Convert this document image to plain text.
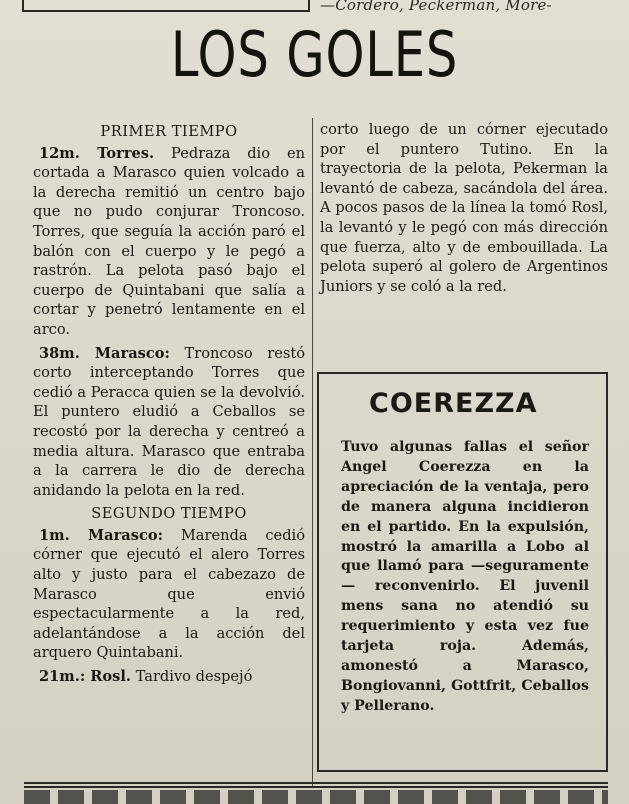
—Cordero, Peckerman, More-
LOS GOLES
PRIMER TIEMPO

12m. Torres. Pedraza dio en cortada a Marasco quien volcado a la derecha remitió un centro bajo que no pudo conjurar Troncoso. Torres, que seguía la acción paró el balón con el cuerpo y le pegó a rastrón. La pelota pasó bajo el cuerpo de Quintabani que salía a cortar y penetró lentamente en el arco.

38m. Marasco: Troncoso restó corto interceptando Torres que cedió a Peracca quien se la devolvió. El puntero eludió a Ceballos se recostó por la derecha y centreó a media altura. Marasco que entraba a la carrera le dio de derecha anidando la pelota en la red.

SEGUNDO TIEMPO

1m. Marasco: Marenda cedió córner que ejecutó el alero Torres alto y justo para el cabezazo de Marasco que envió espectacularmente a la red, adelantándose a la acción del arquero Quintabani.

21m.: Rosl. Tardivo despejó

corto luego de un córner ejecutado por el puntero Tutino. En la trayectoria de la pelota, Pekerman la levantó de cabeza, sacándola del área. A pocos pasos de la línea la tomó Rosl, la levantó y le pegó con más dirección que fuerza, alto y de embouillada. La pelota superó al golero de Argentinos Juniors y se coló a la red.

COEREZZA
Tuvo algunas fallas el señor Angel Coerezza en la apreciación de la ventaja, pero de manera alguna incidieron en el partido. En la expulsión, mostró la amarilla a Lobo al que llamó para —seguramente— reconvenirlo. El juvenil mens sana no atendió su requerimiento y esta vez fue tarjeta roja. Además, amonestó a Marasco, Bongiovanni, Gottfrit, Ceballos y Pellerano.
